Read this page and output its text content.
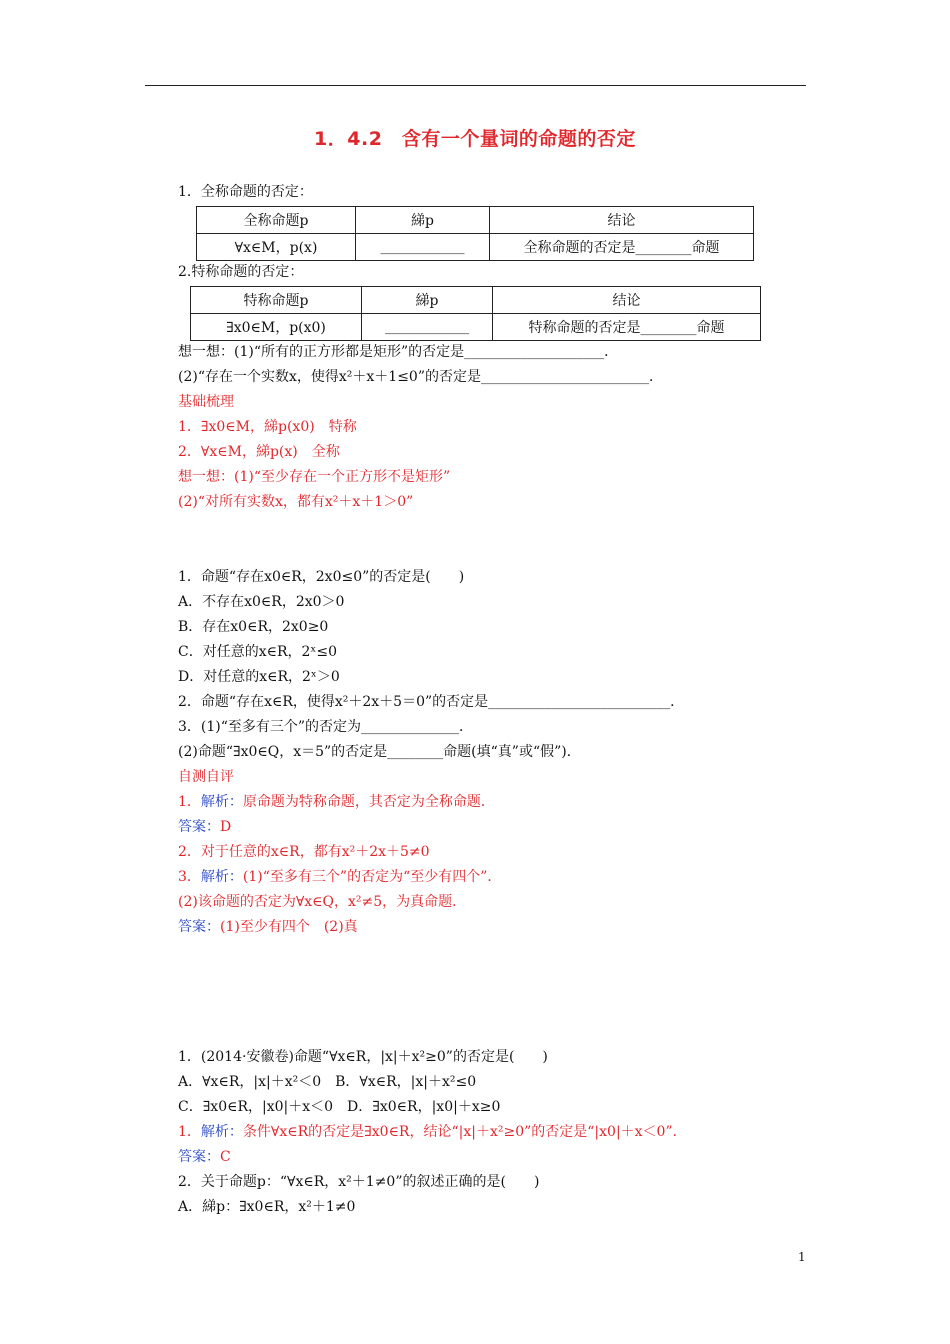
1．4.2　含有一个量词的命题的否定
1．全称命题的否定：
全称命题p	綈p	结论
∀x∈M，p(x)	____________	全称命题的否定是________命题
2.特称命题的否定：
特称命题p	綈p	结论
∃x0∈M，p(x0)	____________	特称命题的否定是________命题
想一想：(1)“所有的正方形都是矩形”的否定是____________________．
(2)“存在一个实数x，使得x²＋x＋1≤0”的否定是________________________．
基础梳理
1．∃x0∈M，綈p(x0)　特称
2．∀x∈M，綈p(x)　全称
想一想：(1)“至少存在一个正方形不是矩形”
(2)“对所有实数x，都有x²＋x＋1＞0”
1．命题“存在x0∈R，2x0≤0”的否定是(　　)
A．不存在x0∈R，2x0＞0
B．存在x0∈R，2x0≥0
C．对任意的x∈R，2ˣ≤0
D．对任意的x∈R，2ˣ＞0
2．命题“存在x∈R，使得x²＋2x＋5＝0”的否定是__________________________．
3．(1)“至多有三个”的否定为______________．
(2)命题“∃x0∈Q，x＝5”的否定是________命题(填“真”或“假”)．
自测自评
1．解析：原命题为特称命题，其否定为全称命题．
答案：D
2．对于任意的x∈R，都有x²＋2x＋5≠0
3．解析：(1)“至多有三个”的否定为“至少有四个”．
(2)该命题的否定为∀x∈Q，x²≠5，为真命题．
答案：(1)至少有四个　(2)真
1．(2014·安徽卷)命题“∀x∈R，|x|＋x²≥0”的否定是(　　)
A．∀x∈R，|x|＋x²＜0　B．∀x∈R，|x|＋x²≤0
C．∃x0∈R，|x0|＋x＜0　D．∃x0∈R，|x0|＋x≥0
1．解析：条件∀x∈R的否定是∃x0∈R，结论“|x|＋x²≥0”的否定是“|x0|＋x＜0”．
答案：C
2．关于命题p：“∀x∈R，x²＋1≠0”的叙述正确的是(　　)
A．綈p：∃x0∈R，x²＋1≠0
1
